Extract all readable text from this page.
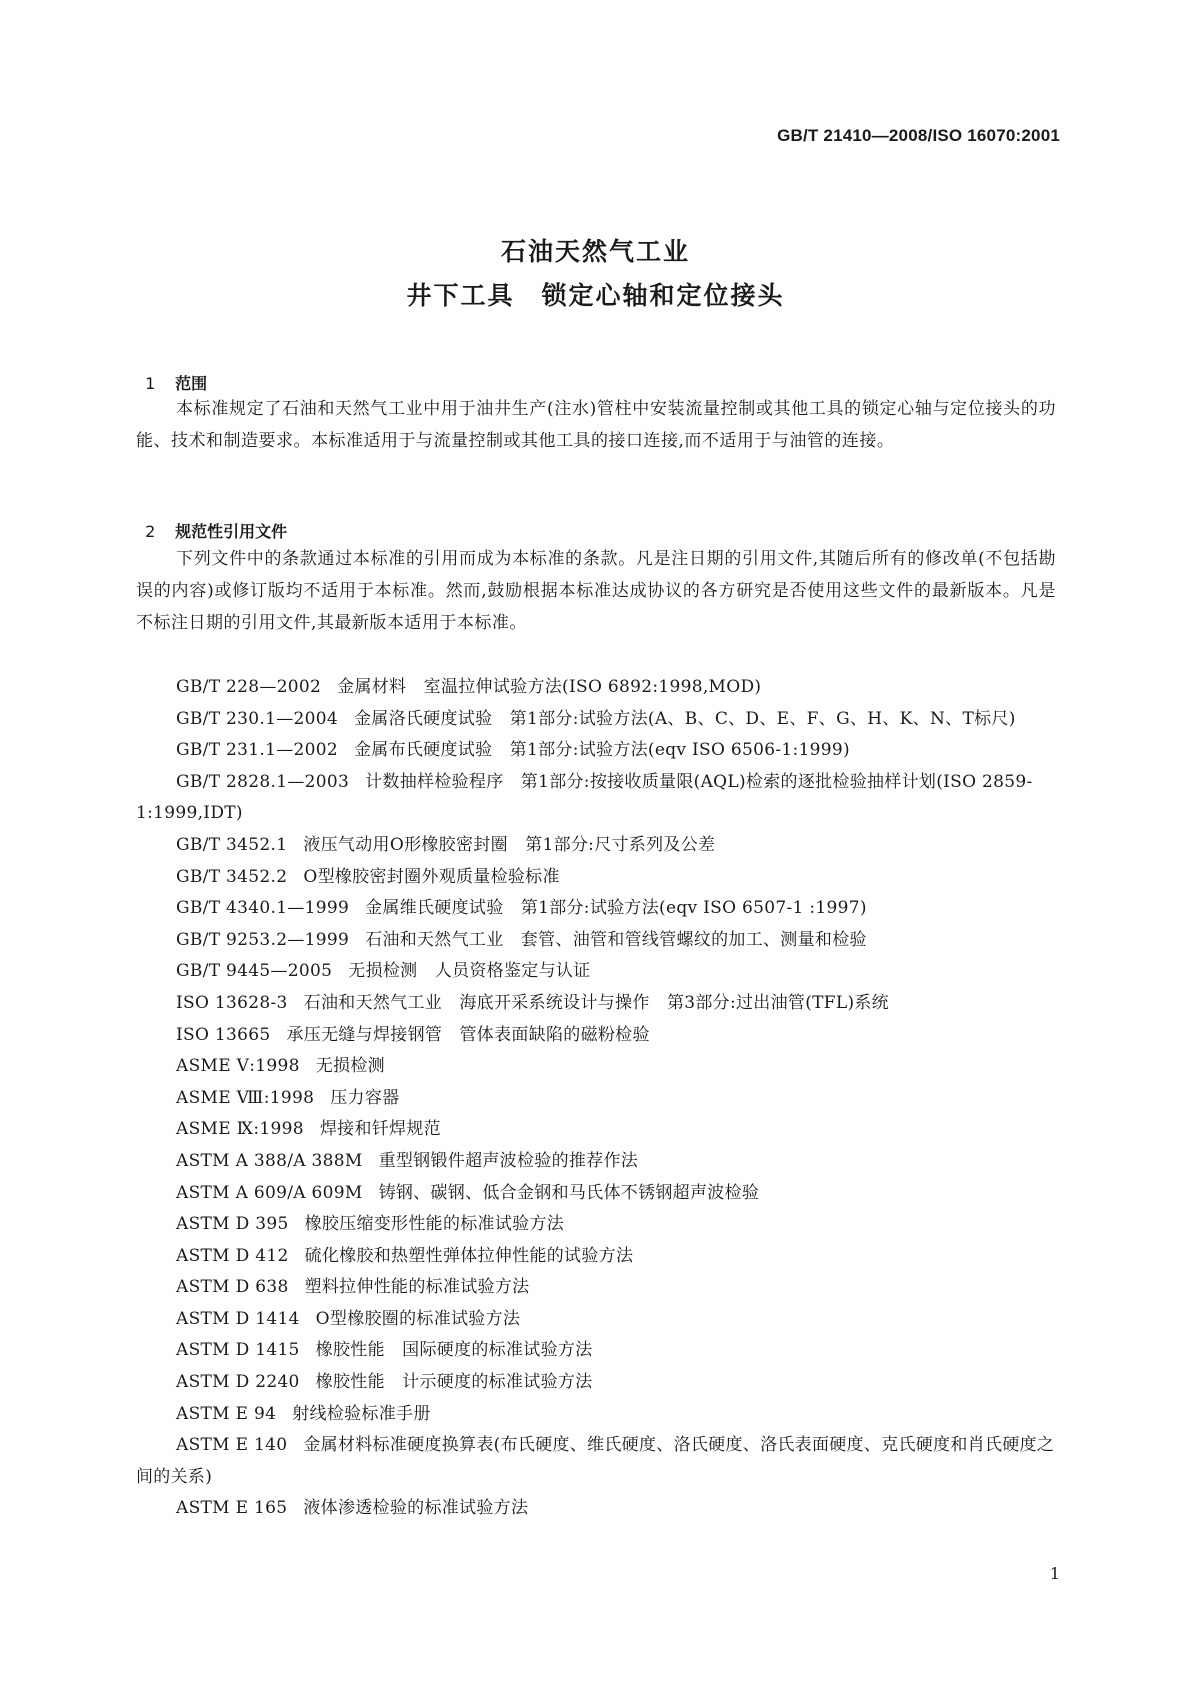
GB/T 21410—2008/ISO 16070:2001
石油天然气工业
井下工具　锁定心轴和定位接头

1 范围

本标准规定了石油和天然气工业中用于油井生产(注水)管柱中安装流量控制或其他工具的锁定心轴与定位接头的功能、技术和制造要求。本标准适用于与流量控制或其他工具的接口连接,而不适用于与油管的连接。

2 规范性引用文件

下列文件中的条款通过本标准的引用而成为本标准的条款。凡是注日期的引用文件,其随后所有的修改单(不包括勘误的内容)或修订版均不适用于本标准。然而,鼓励根据本标准达成协议的各方研究是否使用这些文件的最新版本。凡是不标注日期的引用文件,其最新版本适用于本标准。
GB/T 228—2002 金属材料　室温拉伸试验方法(ISO 6892:1998,MOD)
GB/T 230.1—2004 金属洛氏硬度试验　第1部分:试验方法(A、B、C、D、E、F、G、H、K、N、T标尺)
GB/T 231.1—2002 金属布氏硬度试验　第1部分:试验方法(eqv ISO 6506-1:1999)
GB/T 2828.1—2003 计数抽样检验程序　第1部分:按接收质量限(AQL)检索的逐批检验抽样计划(ISO 2859-1:1999,IDT)
GB/T 3452.1 液压气动用O形橡胶密封圈　第1部分:尺寸系列及公差
GB/T 3452.2 O型橡胶密封圈外观质量检验标准
GB/T 4340.1—1999 金属维氏硬度试验　第1部分:试验方法(eqv ISO 6507-1 :1997)
GB/T 9253.2—1999 石油和天然气工业　套管、油管和管线管螺纹的加工、测量和检验
GB/T 9445—2005 无损检测　人员资格鉴定与认证
ISO 13628-3 石油和天然气工业　海底开采系统设计与操作　第3部分:过出油管(TFL)系统
ISO 13665 承压无缝与焊接钢管　管体表面缺陷的磁粉检验
ASME Ⅴ:1998 无损检测
ASME Ⅷ:1998 压力容器
ASME Ⅸ:1998 焊接和钎焊规范
ASTM A 388/A 388M 重型钢锻件超声波检验的推荐作法
ASTM A 609/A 609M 铸钢、碳钢、低合金钢和马氏体不锈钢超声波检验
ASTM D 395 橡胶压缩变形性能的标准试验方法
ASTM D 412 硫化橡胶和热塑性弹体拉伸性能的试验方法
ASTM D 638 塑料拉伸性能的标准试验方法
ASTM D 1414 O型橡胶圈的标准试验方法
ASTM D 1415 橡胶性能　国际硬度的标准试验方法
ASTM D 2240 橡胶性能　计示硬度的标准试验方法
ASTM E 94 射线检验标准手册
ASTM E 140 金属材料标准硬度换算表(布氏硬度、维氏硬度、洛氏硬度、洛氏表面硬度、克氏硬度和肖氏硬度之间的关系)
ASTM E 165 液体渗透检验的标准试验方法
1
